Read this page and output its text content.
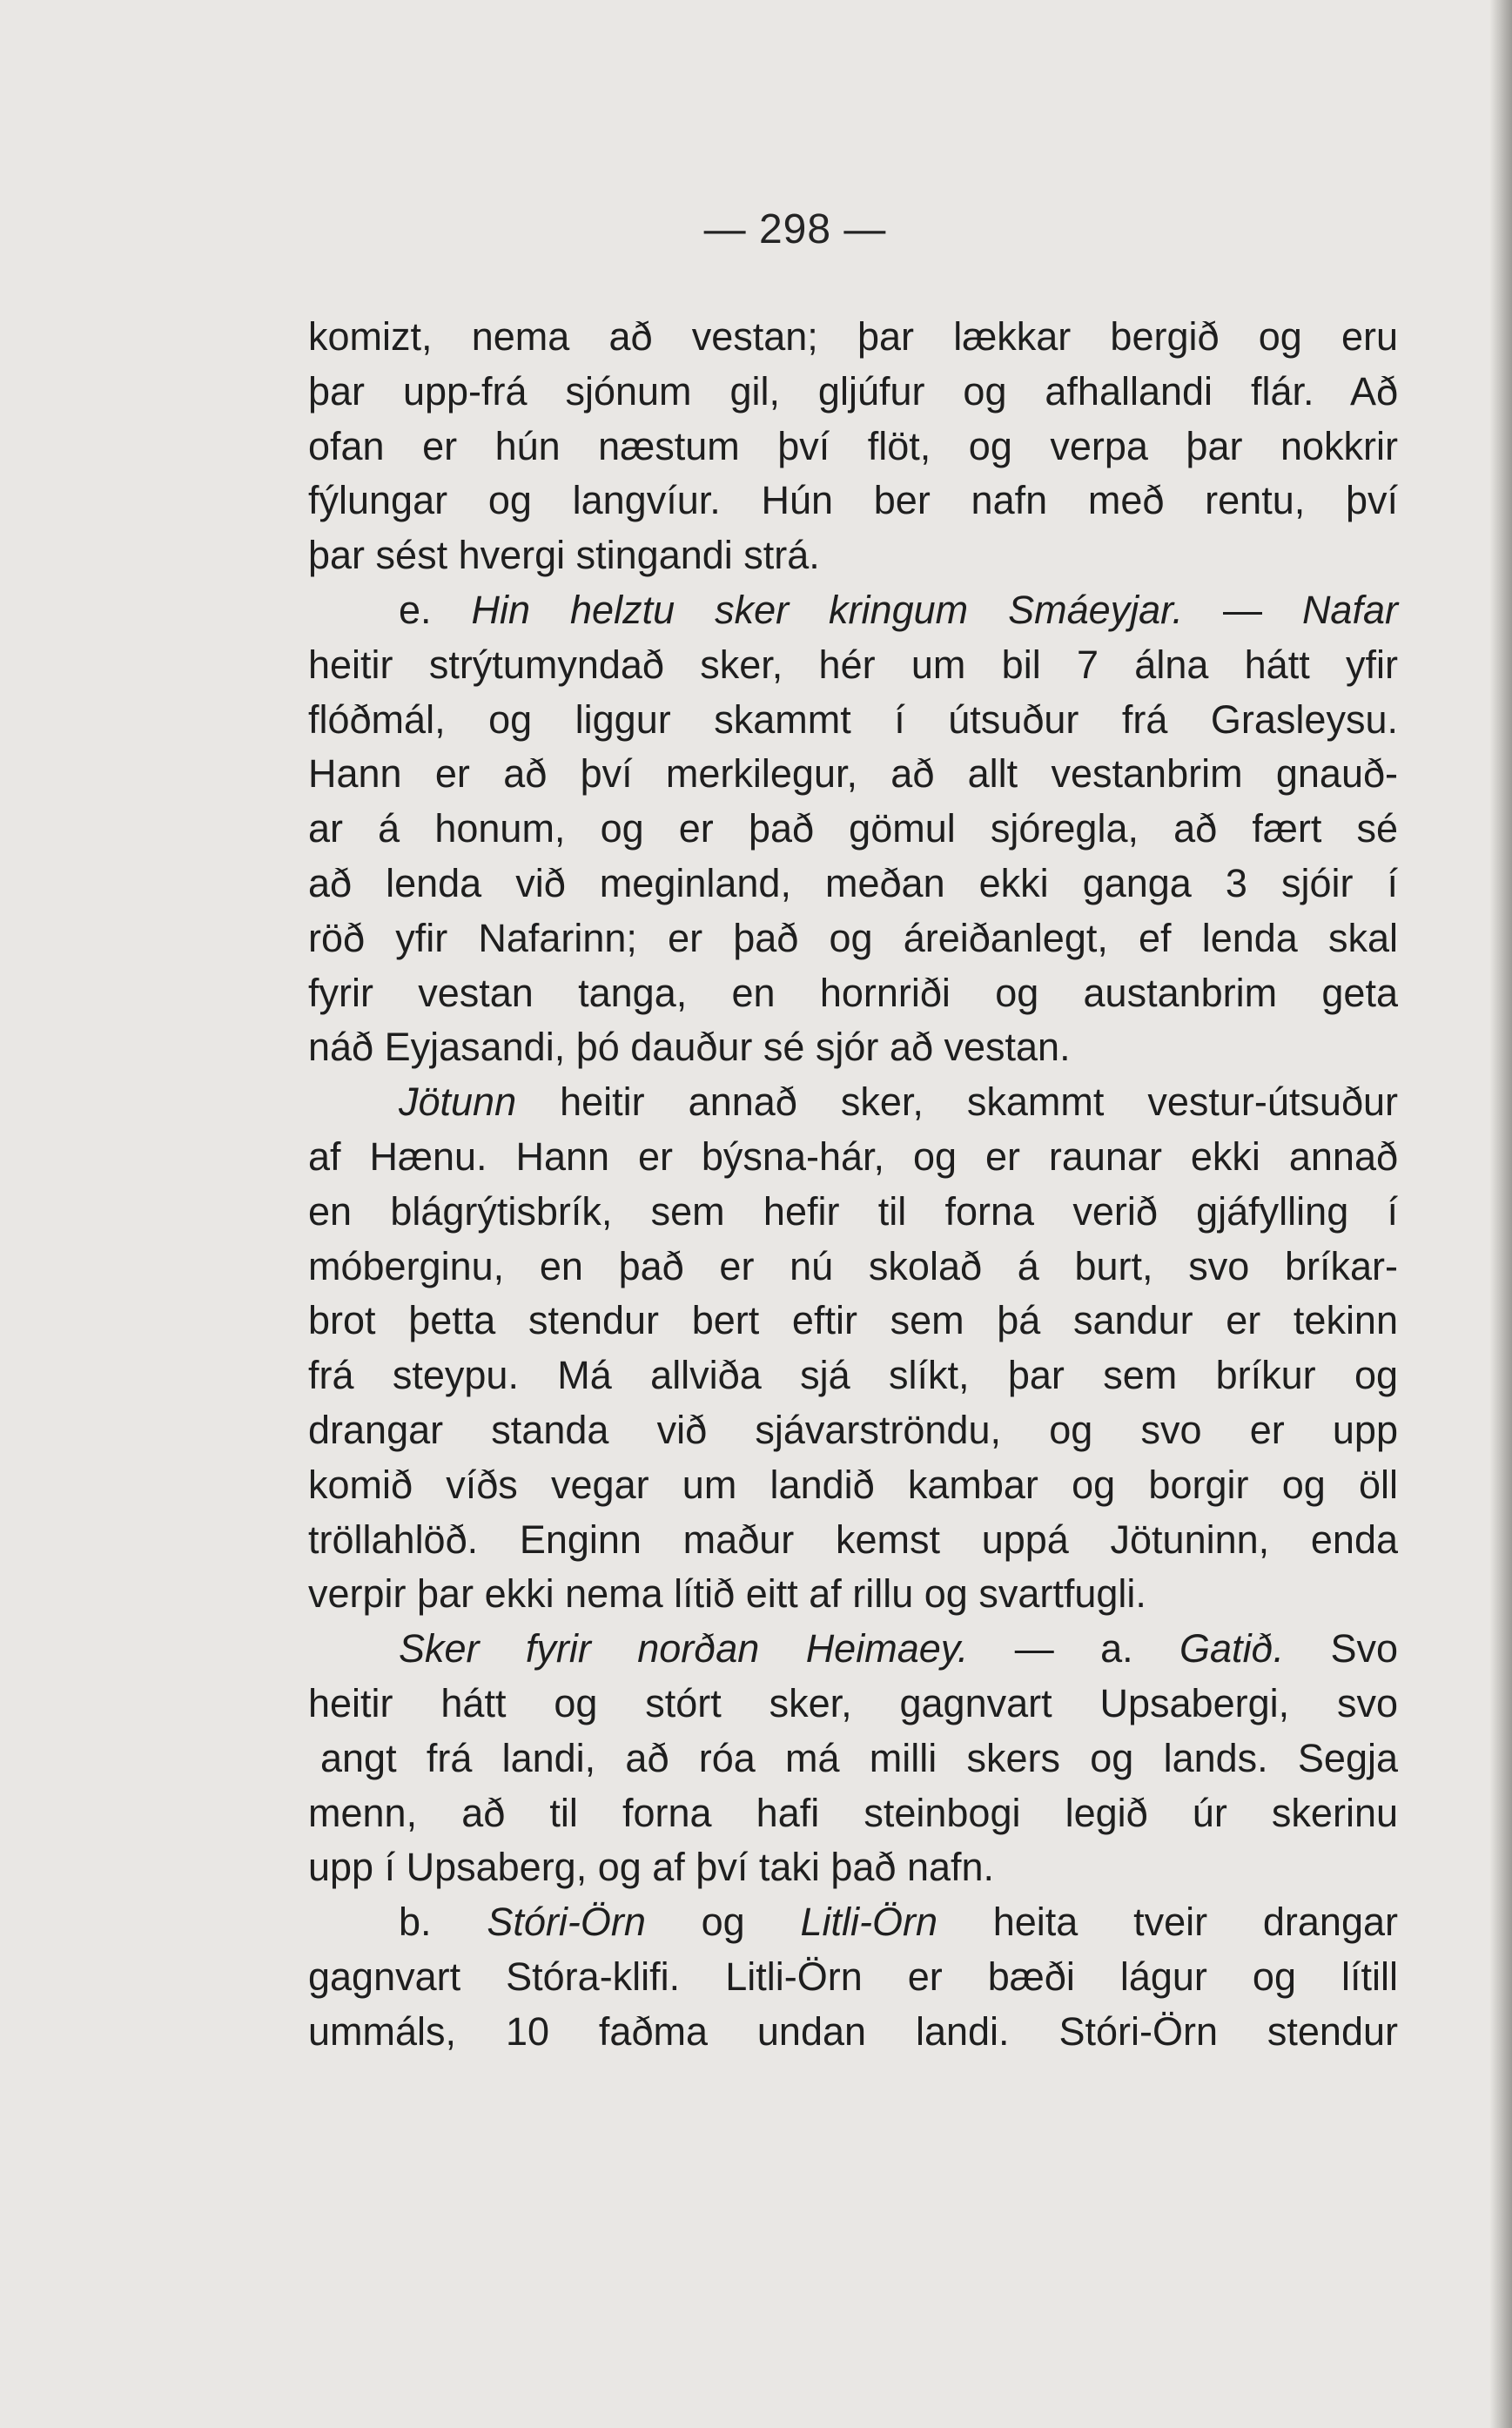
— 298 —
komizt, nema að vestan; þar lækkar bergið og eru
þar upp-frá sjónum gil, gljúfur og afhallandi flár. Að
ofan er hún næstum því flöt, og verpa þar nokkrir
fýlungar og langvíur. Hún ber nafn með rentu, því
þar sést hvergi stingandi strá.
e. Hin helztu sker kringum Smáeyjar. — Nafar
heitir strýtumyndað sker, hér um bil 7 álna hátt yfir
flóðmál, og liggur skammt í útsuður frá Grasleysu.
Hann er að því merkilegur, að allt vestanbrim gnauð-
ar á honum, og er það gömul sjóregla, að fært sé
að lenda við meginland, meðan ekki ganga 3 sjóir í
röð yfir Nafarinn; er það og áreiðanlegt, ef lenda skal
fyrir vestan tanga, en hornriði og austanbrim geta
náð Eyjasandi, þó dauður sé sjór að vestan.
Jötunn heitir annað sker, skammt vestur-útsuður
af Hænu. Hann er býsna-hár, og er raunar ekki annað
en blágrýtisbrík, sem hefir til forna verið gjáfylling í
móberginu, en það er nú skolað á burt, svo bríkar-
brot þetta stendur bert eftir sem þá sandur er tekinn
frá steypu. Má allviða sjá slíkt, þar sem bríkur og
drangar standa við sjávarströndu, og svo er upp
komið víðs vegar um landið kambar og borgir og öll
tröllahlöð. Enginn maður kemst uppá Jötuninn, enda
verpir þar ekki nema lítið eitt af rillu og svartfugli.
Sker fyrir norðan Heimaey. — a. Gatið. Svo
heitir hátt og stórt sker, gagnvart Upsabergi, svo
angt frá landi, að róa má milli skers og lands. Segja
menn, að til forna hafi steinbogi legið úr skerinu
upp í Upsaberg, og af því taki það nafn.
b. Stóri-Örn og Litli-Örn heita tveir drangar
gagnvart Stóra-klifi. Litli-Örn er bæði lágur og lítill
ummáls, 10 faðma undan landi. Stóri-Örn stendur
